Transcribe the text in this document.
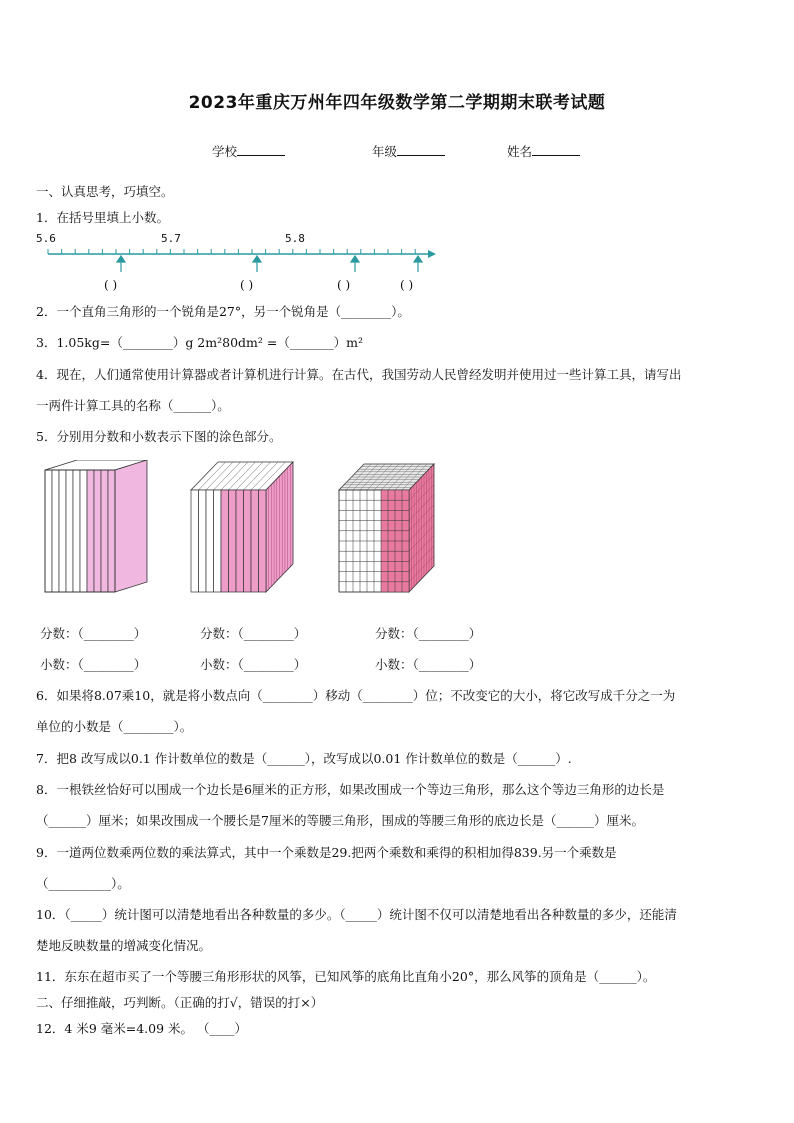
2023年重庆万州年四年级数学第二学期期末联考试题
学校	年级	姓名
一、认真思考，巧填空。
1．在括号里填上小数。
5.6	5.7	5.8
( )	( )	( )	( )
2．一个直角三角形的一个锐角是27°，另一个锐角是（________）。
3．1.05kg=（________）g 2m²80dm² =（_______）m²
4．现在，人们通常使用计算器或者计算机进行计算。在古代，我国劳动人民曾经发明并使用过一些计算工具，请写出
一两件计算工具的名称（______）。
5．分别用分数和小数表示下图的涂色部分。
分数：（________）	分数：（________）	分数：（________）
小数：（________）	小数：（________）	小数：（________）
6．如果将8.07乘10，就是将小数点向（________）移动（________）位；不改变它的大小，将它改写成千分之一为
单位的小数是（________）。
7．把8 改写成以0.1 作计数单位的数是（______），改写成以0.01 作计数单位的数是（______）.
8．一根铁丝恰好可以围成一个边长是6厘米的正方形，如果改围成一个等边三角形，那么这个等边三角形的边长是
（______）厘米；如果改围成一个腰长是7厘米的等腰三角形，围成的等腰三角形的底边长是（______）厘米。
9．一道两位数乘两位数的乘法算式，其中一个乘数是29.把两个乘数和乘得的积相加得839.另一个乘数是
（__________）。
10．（_____）统计图可以清楚地看出各种数量的多少。（_____）统计图不仅可以清楚地看出各种数量的多少，还能清
楚地反映数量的增减变化情况。
11．东东在超市买了一个等腰三角形形状的风筝，已知风筝的底角比直角小20°，那么风筝的顶角是（______）。
二、仔细推敲，巧判断。（正确的打√，错误的打×）
12．4 米9 毫米=4.09 米。 （____）
